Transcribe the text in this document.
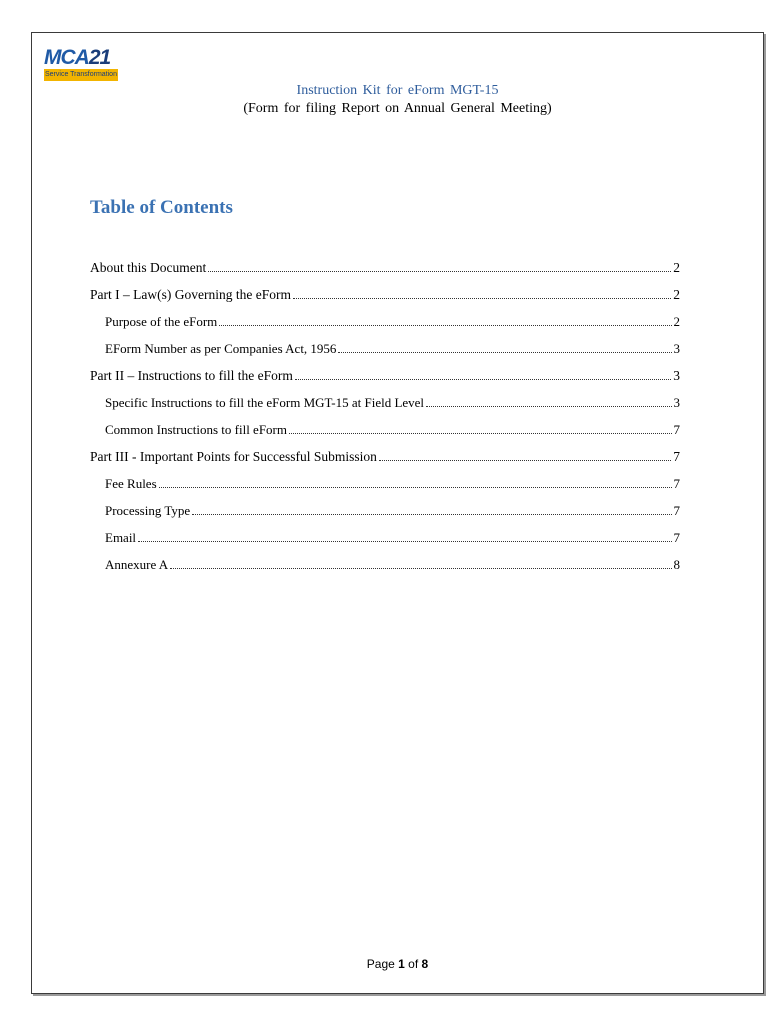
MCA21
Service Transformation
Instruction Kit for eForm MGT-15
(Form for filing Report on Annual General Meeting)
Table of Contents
About this Document	2
Part I – Law(s) Governing the eForm	2
Purpose of the eForm	2
EForm Number as per Companies Act, 1956	3
Part II – Instructions to fill the eForm	3
Specific Instructions to fill the eForm MGT-15 at Field Level	3
Common Instructions to fill eForm	7
Part III - Important Points for Successful Submission	7
Fee Rules	7
Processing Type	7
Email	7
Annexure A	8
Page 1 of 8
